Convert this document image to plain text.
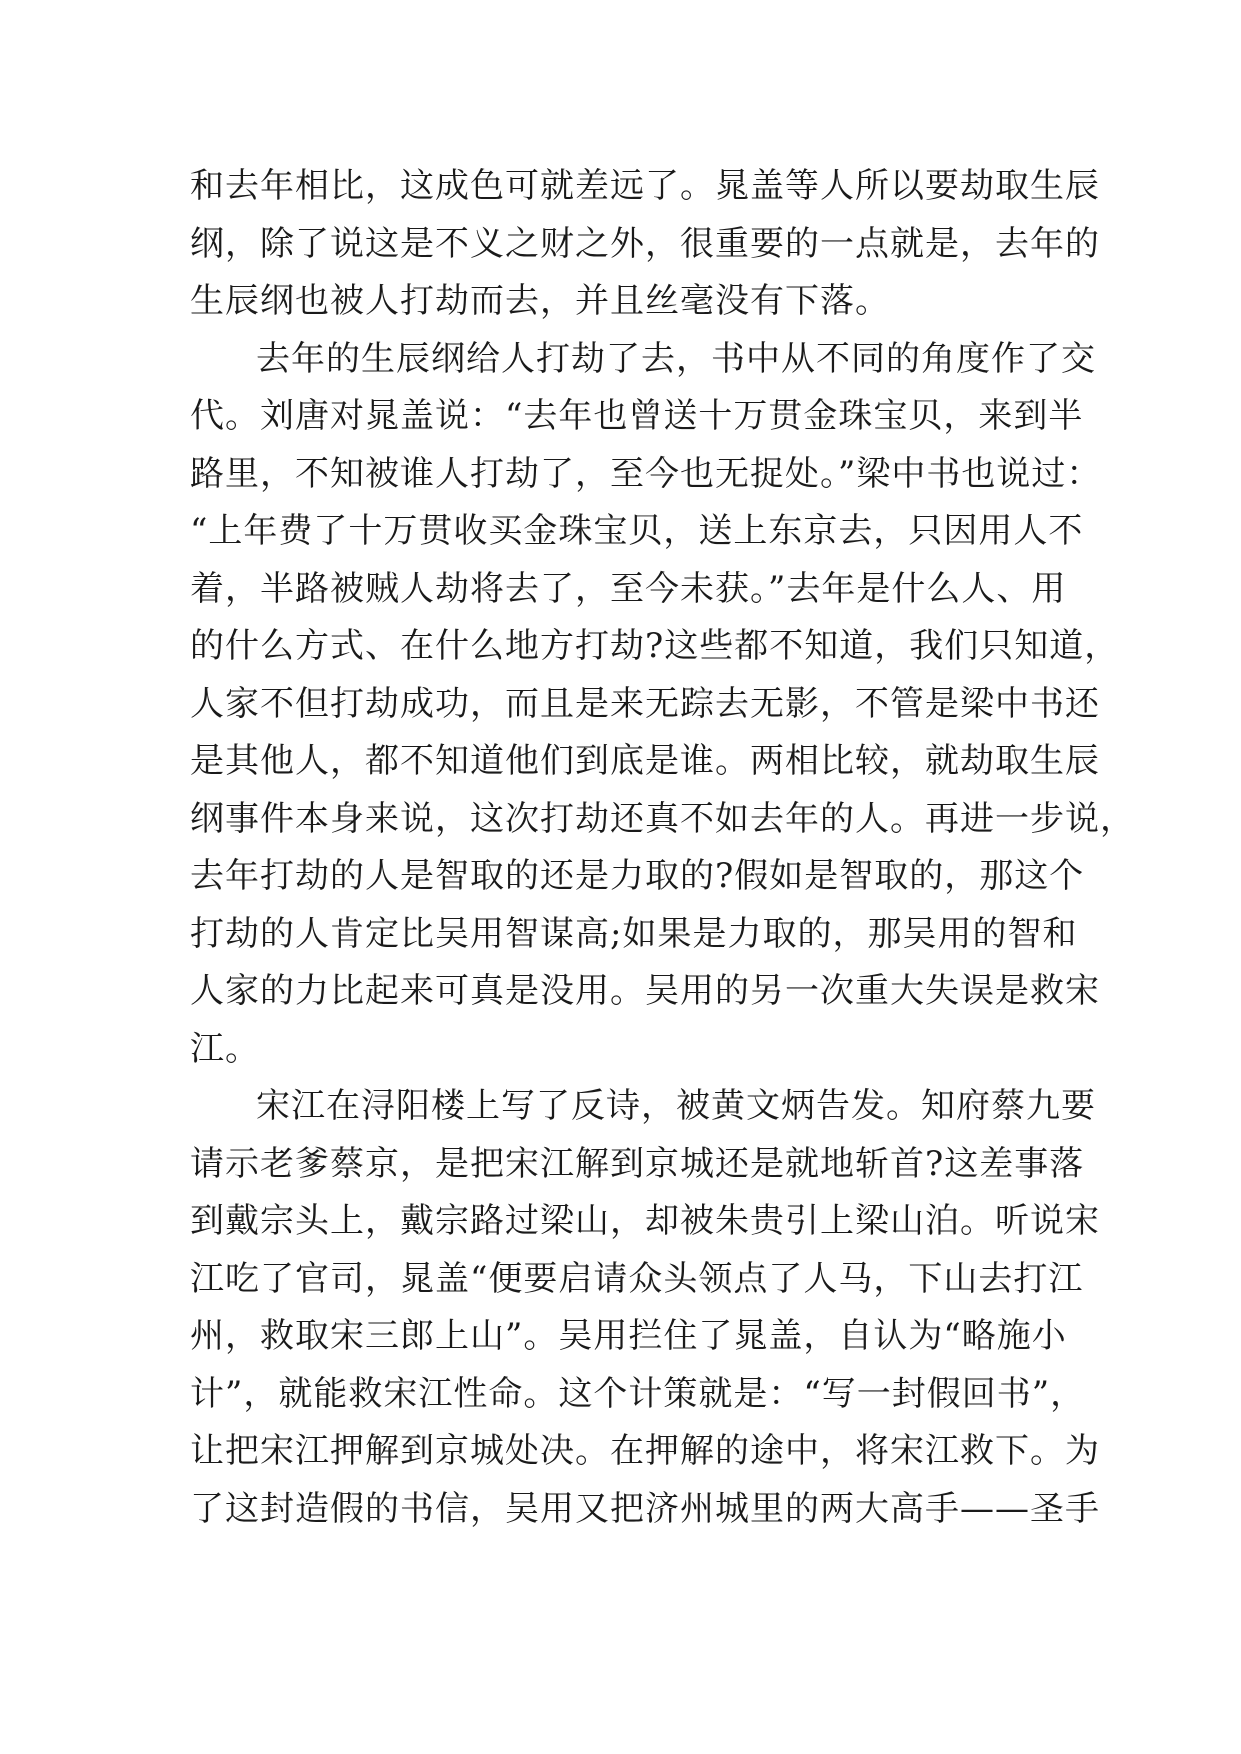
和去年相比，这成色可就差远了。晁盖等人所以要劫取生辰
纲，除了说这是不义之财之外，很重要的一点就是，去年的
生辰纲也被人打劫而去，并且丝毫没有下落。
去年的生辰纲给人打劫了去，书中从不同的角度作了交
代。刘唐对晁盖说：“去年也曾送十万贯金珠宝贝，来到半
路里，不知被谁人打劫了，至今也无捉处。”梁中书也说过：
“上年费了十万贯收买金珠宝贝，送上东京去，只因用人不
着，半路被贼人劫将去了，至今未获。”去年是什么人、用
的什么方式、在什么地方打劫?这些都不知道，我们只知道，
人家不但打劫成功，而且是来无踪去无影，不管是梁中书还
是其他人，都不知道他们到底是谁。两相比较，就劫取生辰
纲事件本身来说，这次打劫还真不如去年的人。再进一步说，
去年打劫的人是智取的还是力取的?假如是智取的，那这个
打劫的人肯定比吴用智谋高;如果是力取的，那吴用的智和
人家的力比起来可真是没用。吴用的另一次重大失误是救宋
江。
宋江在浔阳楼上写了反诗，被黄文炳告发。知府蔡九要
请示老爹蔡京，是把宋江解到京城还是就地斩首?这差事落
到戴宗头上，戴宗路过梁山，却被朱贵引上梁山泊。听说宋
江吃了官司，晁盖“便要启请众头领点了人马，下山去打江
州，救取宋三郎上山”。吴用拦住了晁盖，自认为“略施小
计”，就能救宋江性命。这个计策就是：“写一封假回书”，
让把宋江押解到京城处决。在押解的途中，将宋江救下。为
了这封造假的书信，吴用又把济州城里的两大高手——圣手
